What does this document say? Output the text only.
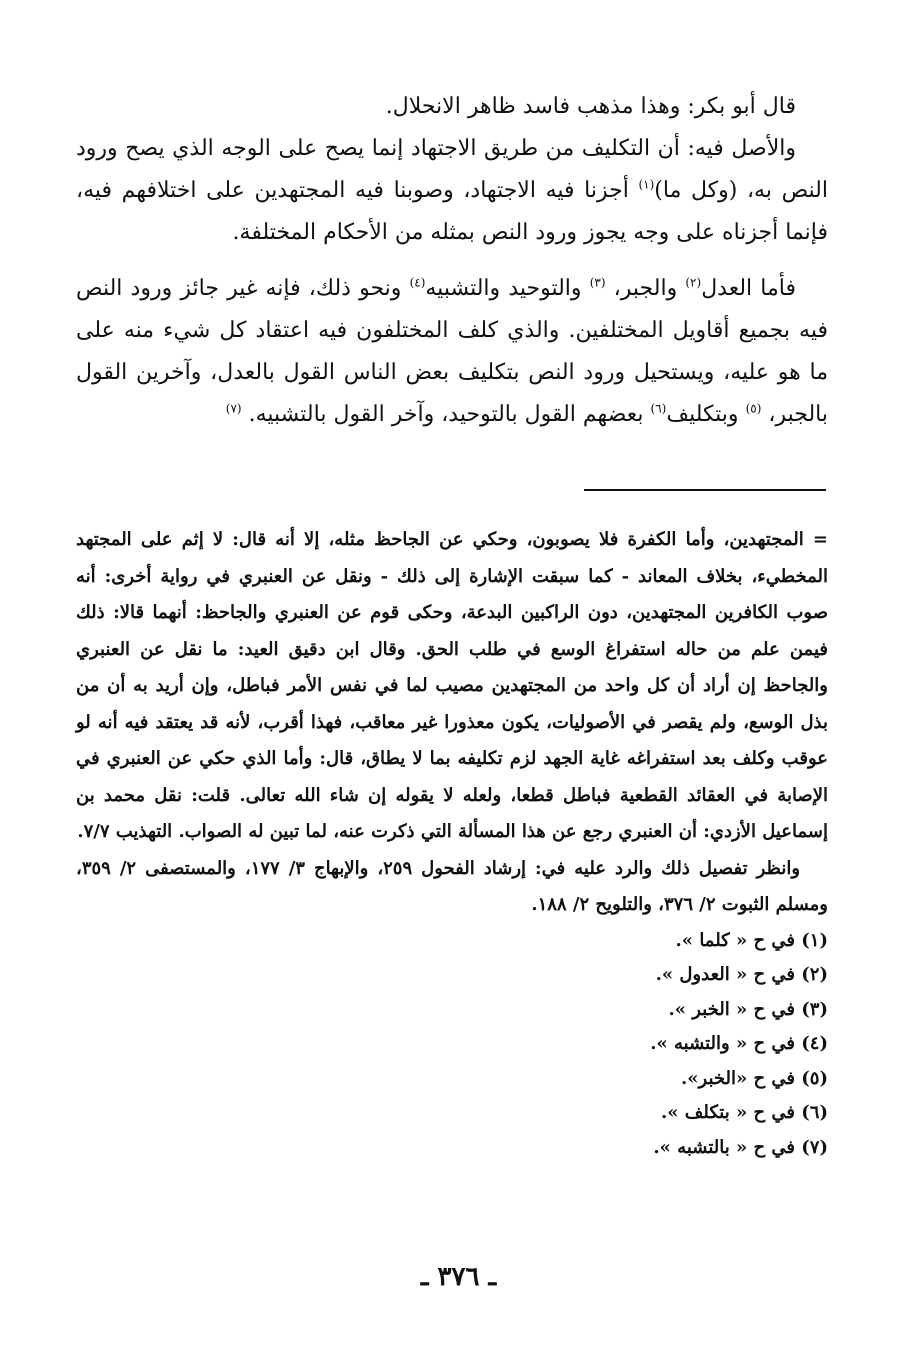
قال أبو بكر: وهذا مذهب فاسد ظاهر الانحلال.

والأصل فيه: أن التكليف من طريق الاجتهاد إنما يصح على الوجه الذي يصح ورود النص به، (وكل ما)$^{(١)}$ أجزنا فيه الاجتهاد، وصوبنا فيه المجتهدين على اختلافهم فيه، فإنما أجزناه على وجه يجوز ورود النص بمثله من الأحكام المختلفة.

فأما العدل$^{(٢)}$ والجبر، $^{(٣)}$ والتوحيد والتشبيه$^{(٤)}$ ونحو ذلك، فإنه غير جائز ورود النص فيه بجميع أقاويل المختلفين. والذي كلف المختلفون فيه اعتقاد كل شيء منه على ما هو عليه، ويستحيل ورود النص بتكليف بعض الناس القول بالعدل، وآخرين القول بالجبر، $^{(٥)}$ وبتكليف$^{(٦)}$ بعضهم القول بالتوحيد، وآخر القول بالتشبيه. $^{(٧)}$

= المجتهدين، وأما الكفرة فلا يصوبون، وحكي عن الجاحظ مثله، إلا أنه قال: لا إثم على المجتهد المخطيء، بخلاف المعاند - كما سبقت الإشارة إلى ذلك - ونقل عن العنبري في رواية أخرى: أنه صوب الكافرين المجتهدين، دون الراكبين البدعة، وحكى قوم عن العنبري والجاحظ: أنهما قالا: ذلك فيمن علم من حاله استفراغ الوسع في طلب الحق. وقال ابن دقيق العيد: ما نقل عن العنبري والجاحظ إن أراد أن كل واحد من المجتهدين مصيب لما في نفس الأمر فباطل، وإن أريد به أن من بذل الوسع، ولم يقصر في الأصوليات، يكون معذورا غير معاقب، فهذا أقرب، لأنه قد يعتقد فيه أنه لو عوقب وكلف بعد استفراغه غاية الجهد لزم تكليفه بما لا يطاق، قال: وأما الذي حكي عن العنبري في الإصابة في العقائد القطعية فباطل قطعا، ولعله لا يقوله إن شاء الله تعالى. قلت: نقل محمد بن إسماعيل الأزدي: أن العنبري رجع عن هذا المسألة التي ذكرت عنه، لما تبين له الصواب. التهذيب ٧/٧.

وانظر تفصيل ذلك والرد عليه في: إرشاد الفحول ٢٥٩، والإبهاج ٣/ ١٧٧، والمستصفى ٢/ ٣٥٩، ومسلم الثبوت ٢/ ٣٧٦، والتلويح ٢/ ١٨٨.

(١) في ح « كلما ».
(٢) في ح « العدول ».
(٣) في ح « الخبر ».
(٤) في ح « والتشبه ».
(٥) في ح «الخبر».
(٦) في ح « بتكلف ».
(٧) في ح « بالتشبه ».
ـ ٣٧٦ ـ
